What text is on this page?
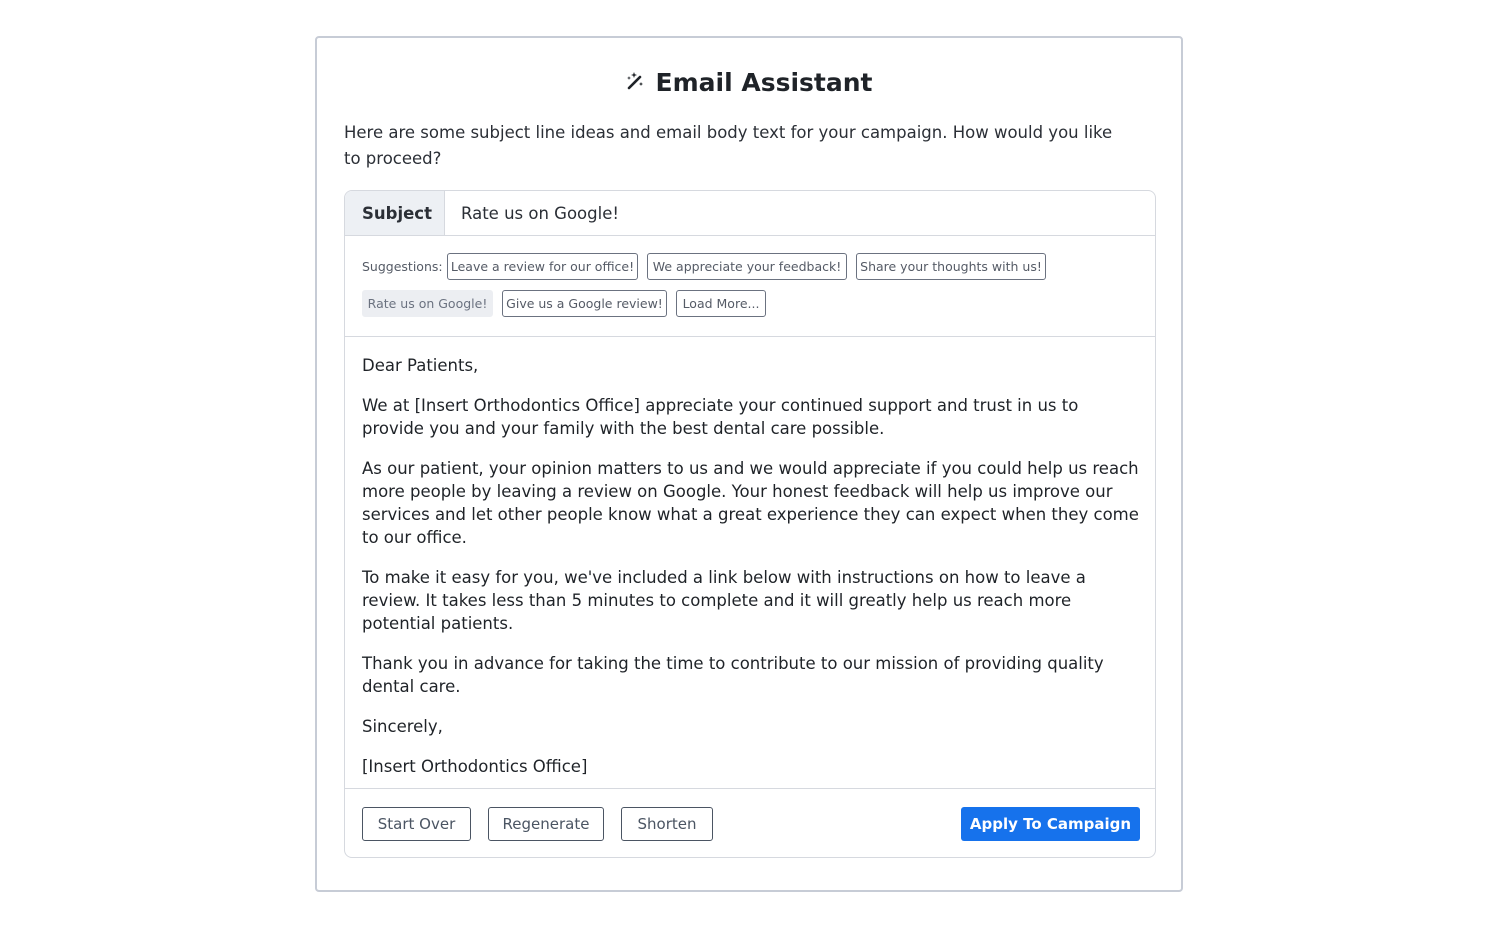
Email Assistant
Here are some subject line ideas and email body text for your campaign. How would you like to proceed?
Subject
Rate us on Google!
Suggestions: Leave a review for our office!	We appreciate your feedback!	Share your thoughts with us!
Rate us on Google!	Give us a Google review!	Load More...

Dear Patients,

We at [Insert Orthodontics Office] appreciate your continued support and trust in us to provide you and your family with the best dental care possible.

As our patient, your opinion matters to us and we would appreciate if you could help us reach more people by leaving a review on Google. Your honest feedback will help us improve our services and let other people know what a great experience they can expect when they come to our office.

To make it easy for you, we've included a link below with instructions on how to leave a review. It takes less than 5 minutes to complete and it will greatly help us reach more potential patients.

Thank you in advance for taking the time to contribute to our mission of providing quality dental care.

Sincerely,

[Insert Orthodontics Office]

Start Over	Regenerate	Shorten	Apply To Campaign
